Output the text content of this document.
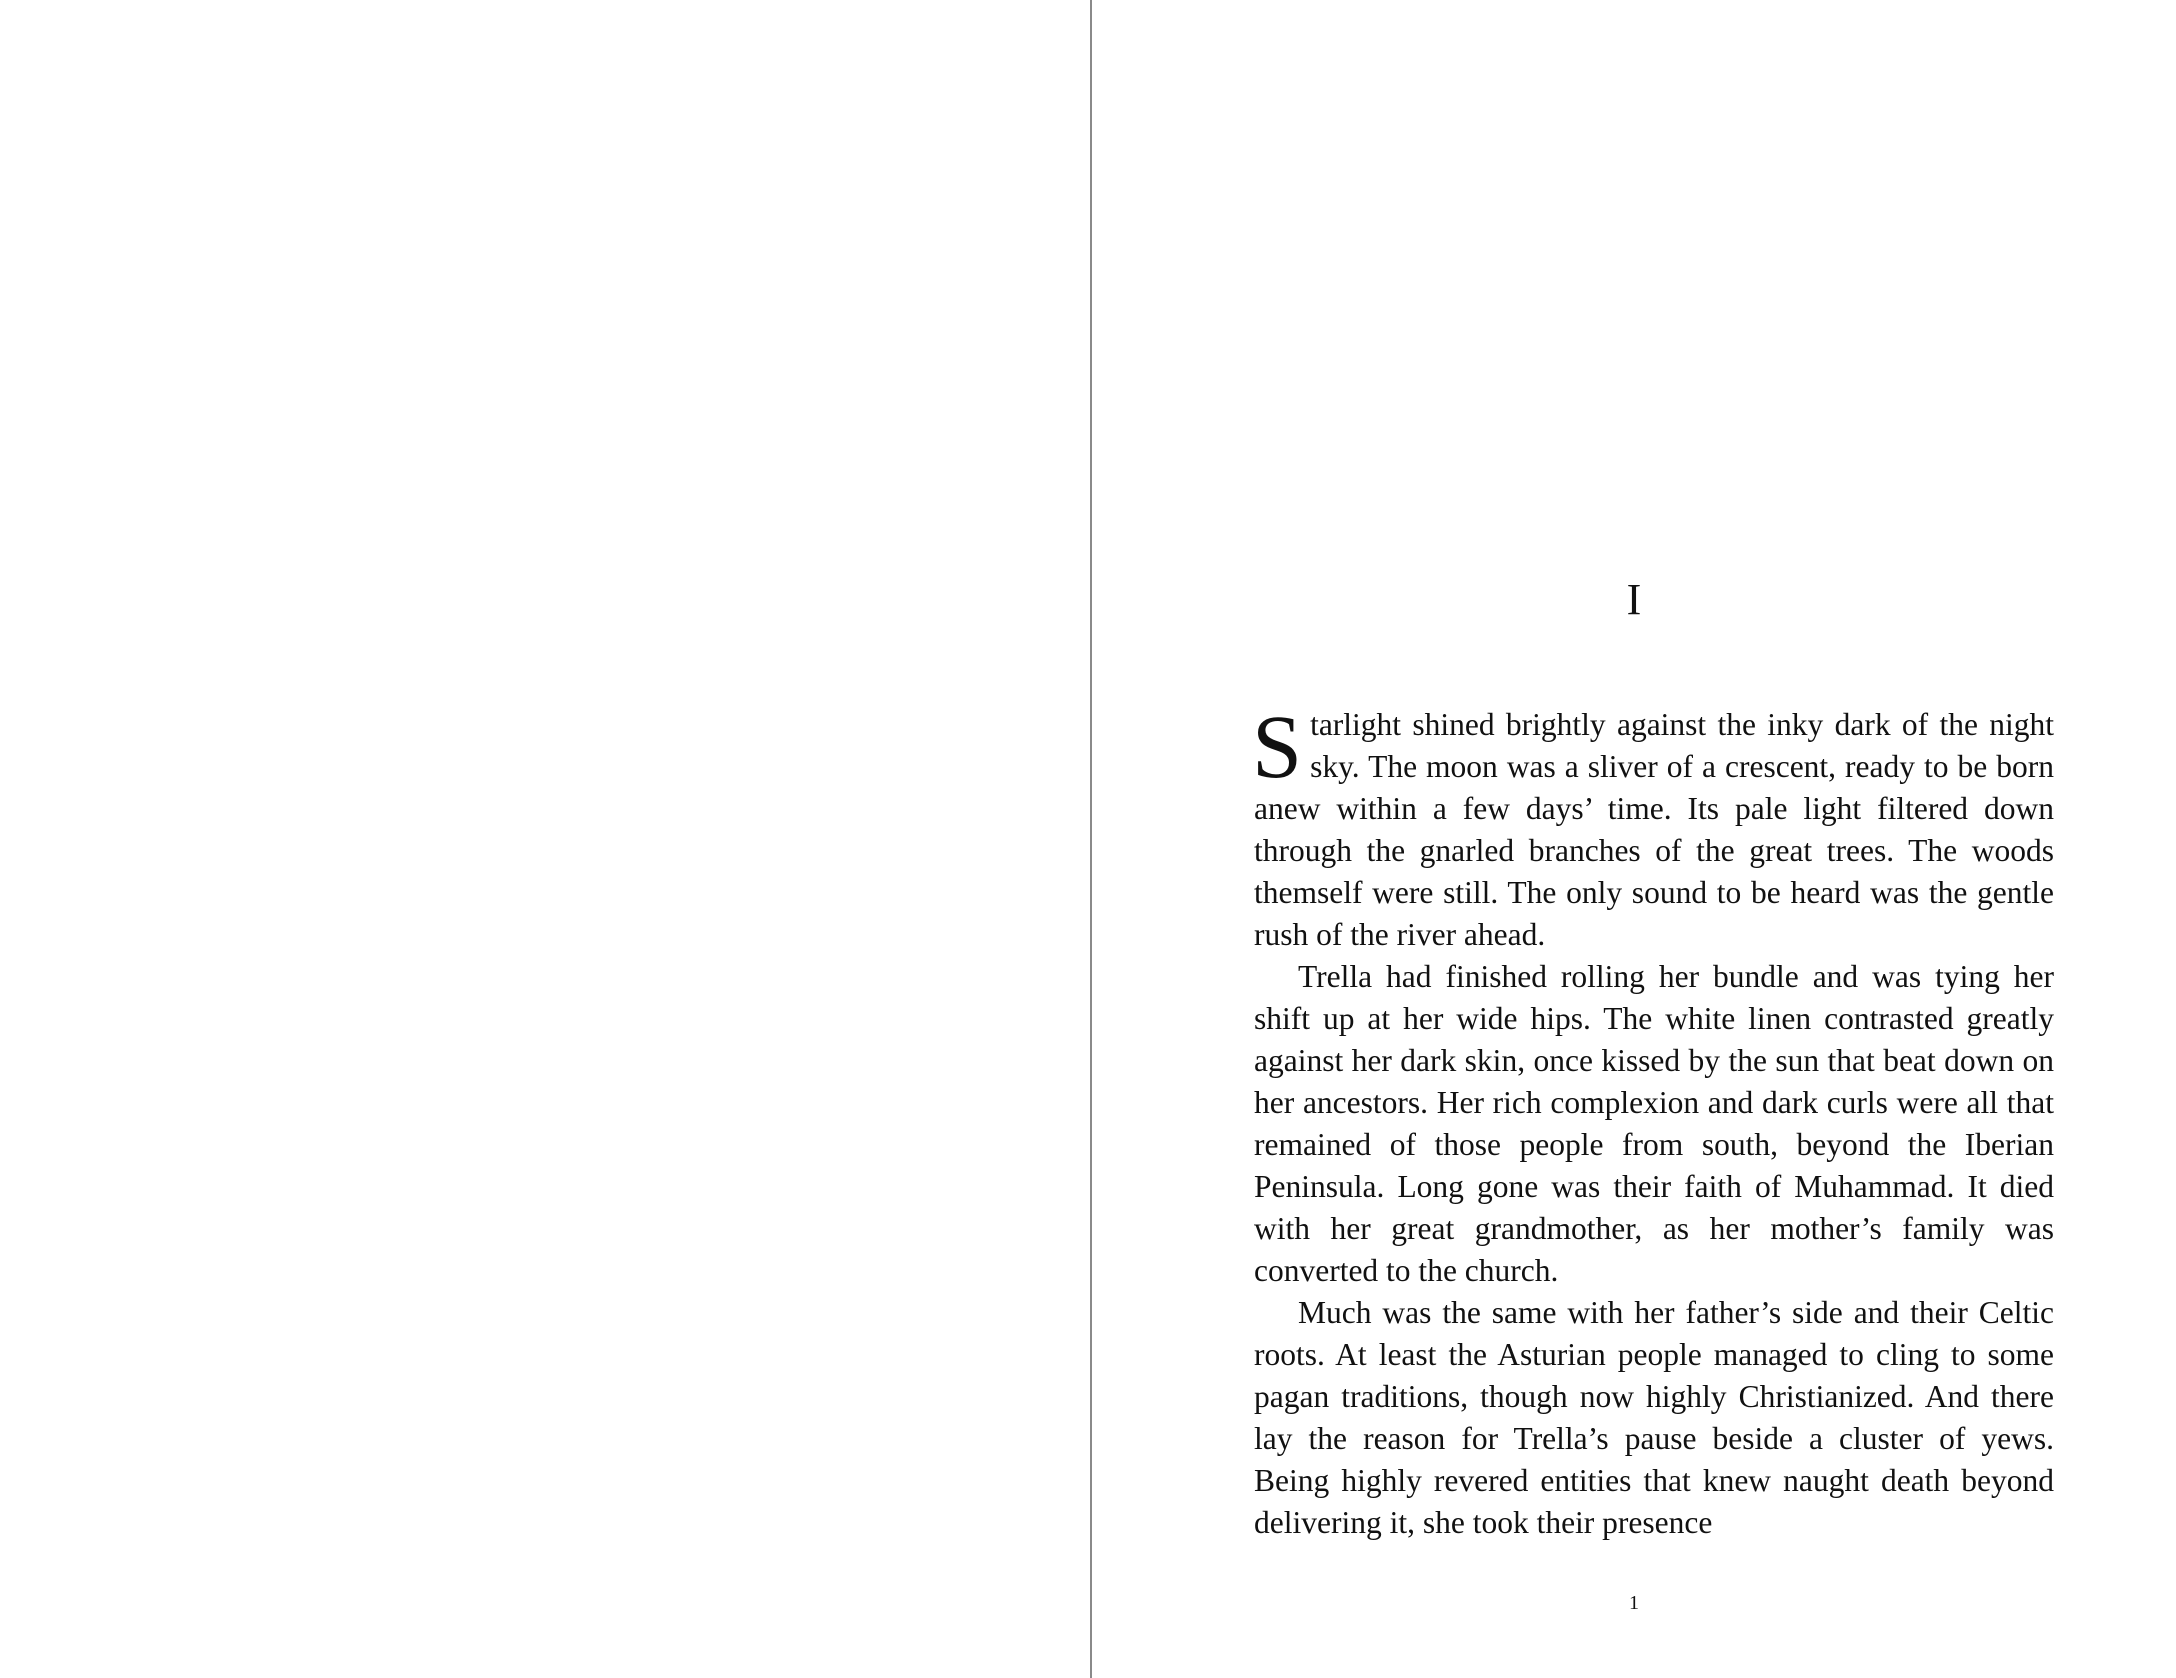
I

Starlight shined brightly against the inky dark of the night sky. The moon was a sliver of a crescent, ready to be born anew within a few days’ time. Its pale light filtered down through the gnarled branches of the great trees. The woods themself were still. The only sound to be heard was the gentle rush of the river ahead.

Trella had finished rolling her bundle and was tying her shift up at her wide hips. The white linen contrasted greatly against her dark skin, once kissed by the sun that beat down on her ancestors. Her rich complexion and dark curls were all that remained of those people from south, beyond the Iberian Peninsula. Long gone was their faith of Muhammad. It died with her great grandmother, as her mother’s family was converted to the church.

Much was the same with her father’s side and their Celtic roots. At least the Asturian people managed to cling to some pagan traditions, though now highly Christianized. And there lay the reason for Trella’s pause beside a cluster of yews. Being highly revered entities that knew naught death beyond delivering it, she took their presence

1
